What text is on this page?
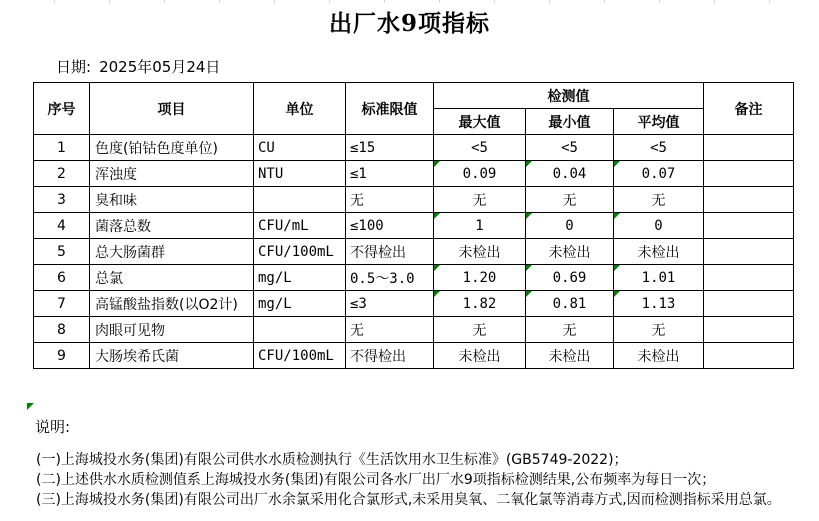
出厂水9项指标
日期: 2025年05月24日
序号	项目	单位	标准限值	检测值			备注
				最大值	最小值	平均值	
1	色度(铂钴色度单位)	CU	≤15	<5	<5	<5	
2	浑浊度	NTU	≤1	0.09	0.04	0.07	
3	臭和味		无	无	无	无	
4	菌落总数	CFU/mL	≤100	1	0	0	
5	总大肠菌群	CFU/100mL	不得检出	未检出	未检出	未检出	
6	总氯	mg/L	0.5～3.0	1.20	0.69	1.01	
7	高锰酸盐指数(以O2计)	mg/L	≤3	1.82	0.81	1.13	
8	肉眼可见物		无	无	无	无	
9	大肠埃希氏菌	CFU/100mL	不得检出	未检出	未检出	未检出	
说明:
(一)上海城投水务(集团)有限公司供水水质检测执行《生活饮用水卫生标准》(GB5749-2022)；
(二)上述供水水质检测值系上海城投水务(集团)有限公司各水厂出厂水9项指标检测结果,公布频率为每日一次；
(三)上海城投水务(集团)有限公司出厂水余氯采用化合氯形式,未采用臭氧、二氧化氯等消毒方式,因而检测指标采用总氯。
